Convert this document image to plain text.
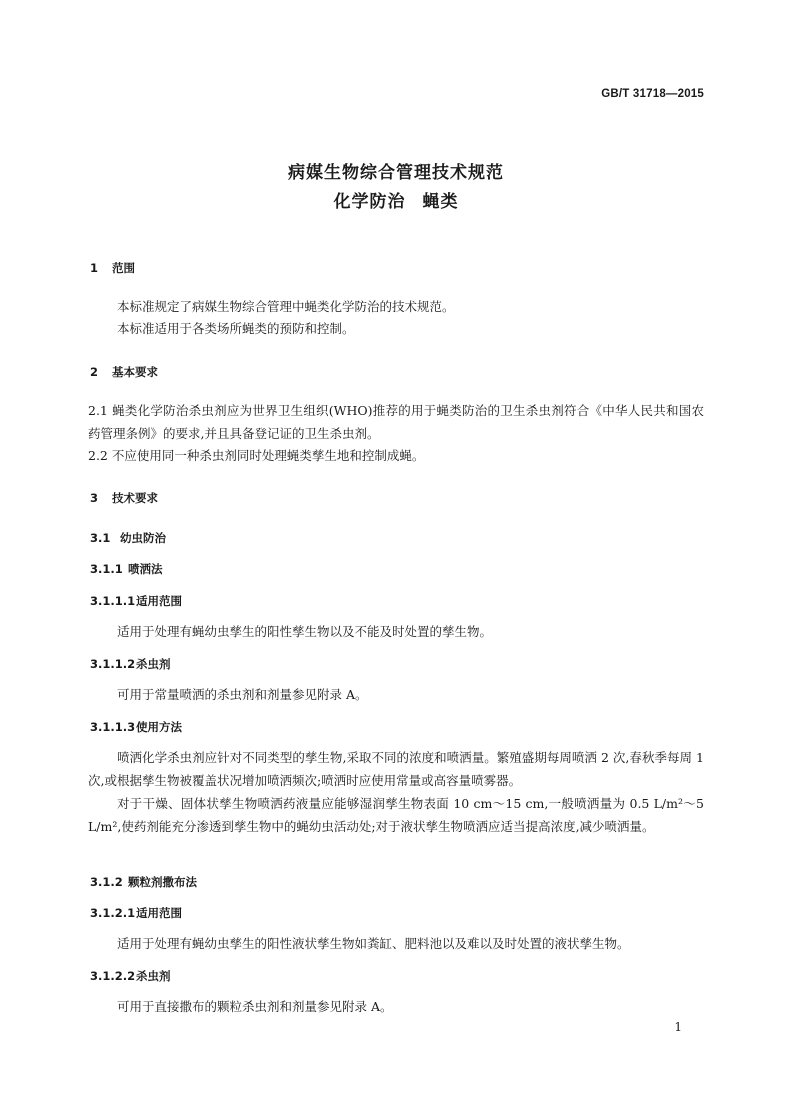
GB/T 31718—2015
病媒生物综合管理技术规范
化学防治 蝇类
1 范围
本标准规定了病媒生物综合管理中蝇类化学防治的技术规范。
本标准适用于各类场所蝇类的预防和控制。
2 基本要求
2.1 蝇类化学防治杀虫剂应为世界卫生组织(WHO)推荐的用于蝇类防治的卫生杀虫剂符合《中华人民共和国农药管理条例》的要求,并且具备登记证的卫生杀虫剂。
2.2 不应使用同一种杀虫剂同时处理蝇类孳生地和控制成蝇。
3 技术要求
3.1 幼虫防治
3.1.1 喷洒法
3.1.1.1适用范围
适用于处理有蝇幼虫孳生的阳性孳生物以及不能及时处置的孳生物。
3.1.1.2杀虫剂
可用于常量喷洒的杀虫剂和剂量参见附录 A。
3.1.1.3使用方法
喷洒化学杀虫剂应针对不同类型的孳生物,采取不同的浓度和喷洒量。繁殖盛期每周喷洒 2 次,春秋季每周 1 次,或根据孳生物被覆盖状况增加喷洒频次;喷洒时应使用常量或高容量喷雾器。
对于干燥、固体状孳生物喷洒药液量应能够湿润孳生物表面 10 cm～15 cm,一般喷洒量为 0.5 L/m²～5 L/m²,使药剂能充分渗透到孳生物中的蝇幼虫活动处;对于液状孳生物喷洒应适当提高浓度,减少喷洒量。
3.1.2 颗粒剂撒布法
3.1.2.1适用范围
适用于处理有蝇幼虫孳生的阳性液状孳生物如粪缸、肥料池以及难以及时处置的液状孳生物。
3.1.2.2杀虫剂
可用于直接撒布的颗粒杀虫剂和剂量参见附录 A。
1
